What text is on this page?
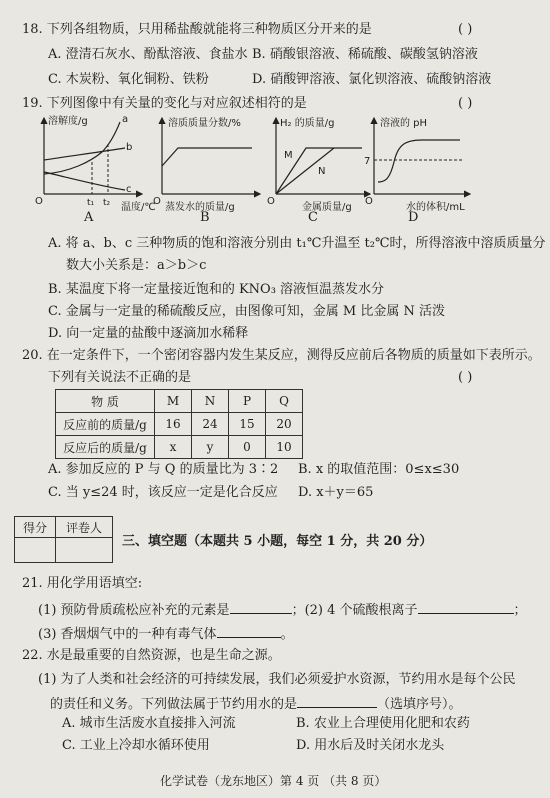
18. 下列各组物质，只用稀盐酸就能将三种物质区分开来的是	( )
A. 澄清石灰水、酚酞溶液、食盐水 B. 硝酸银溶液、稀硫酸、碳酸氢钠溶液
C. 木炭粉、氧化铜粉、铁粉	D. 硝酸钾溶液、氯化钡溶液、硫酸钠溶液
19. 下列图像中有关量的变化与对应叙述相符的是	( )
溶解度/g
O
a
b
c
t₁ t₂ 温度/℃
A
溶质质量分数/%
O
蒸发水的质量/g
B
H₂ 的质量/g
O
M
N
金属质量/g
C
溶液的 pH
O
7
水的体积/mL
D
A. 将 a、b、c 三种物质的饱和溶液分别由 t₁℃升温至 t₂℃时，所得溶液中溶质质量分
数大小关系是：a＞b＞c
B. 某温度下将一定量接近饱和的 KNO₃ 溶液恒温蒸发水分
C. 金属与一定量的稀硫酸反应，由图像可知，金属 M 比金属 N 活泼
D. 向一定量的盐酸中逐滴加水稀释
20. 在一定条件下，一个密闭容器内发生某反应，测得反应前后各物质的质量如下表所示。
下列有关说法不正确的是	( )
物 质	M	N	P	Q
反应前的质量/g	16	24	15	20
反应后的质量/g	x	y	0	10
A. 参加反应的 P 与 Q 的质量比为 3∶2 B. x 的取值范围：0≤x≤30
C. 当 y≤24 时，该反应一定是化合反应 D. x＋y＝65
得分	评卷人

三、填空题（本题共 5 小题，每空 1 分，共 20 分）
21. 用化学用语填空:
(1) 预防骨质疏松应补充的元素是	；(2) 4 个硫酸根离子	；
(3) 香烟烟气中的一种有毒气体	。
22. 水是最重要的自然资源，也是生命之源。
(1) 为了人类和社会经济的可持续发展，我们必须爱护水资源，节约用水是每个公民
的责任和义务。下列做法属于节约用水的是	（选填序号）。
A. 城市生活废水直接排入河流	B. 农业上合理使用化肥和农药
C. 工业上冷却水循环使用	D. 用水后及时关闭水龙头
化学试卷（龙东地区）第 4 页 （共 8 页）
